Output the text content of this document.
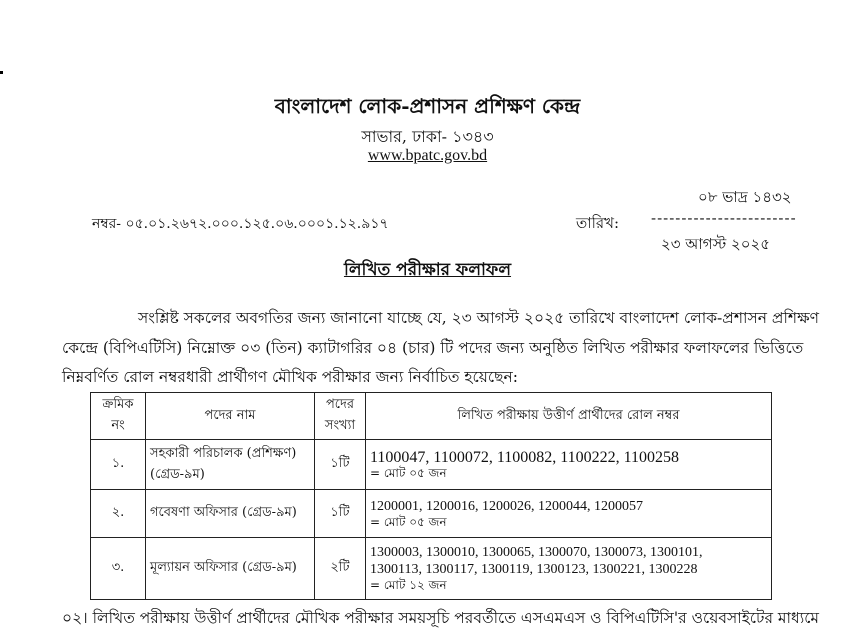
বাংলাদেশ লোক-প্রশাসন প্রশিক্ষণ কেন্দ্র
সাভার, ঢাকা- ১৩৪৩
www.bpatc.gov.bd
০৮ ভাদ্র ১৪৩২
নম্বর- ০৫.০১.২৬৭২.০০০.১২৫.০৬.০০০১.১২.৯১৭	তারিখ: ------------------------
২৩ আগস্ট ২০২৫
লিখিত পরীক্ষার ফলাফল
সংশ্লিষ্ট সকলের অবগতির জন্য জানানো যাচ্ছে যে, ২৩ আগস্ট ২০২৫ তারিখে বাংলাদেশ লোক-প্রশাসন প্রশিক্ষণ
কেন্দ্রে (বিপিএটিসি) নিম্নোক্ত ০৩ (তিন) ক্যাটাগরির ০৪ (চার) টি পদের জন্য অনুষ্ঠিত লিখিত পরীক্ষার ফলাফলের ভিত্তিতে
নিম্নবর্ণিত রোল নম্বরধারী প্রার্থীগণ মৌখিক পরীক্ষার জন্য নির্বাচিত হয়েছেন:
ক্রমিক নং	পদের নাম	পদের সংখ্যা	লিখিত পরীক্ষায় উত্তীর্ণ প্রার্থীদের রোল নম্বর
১.	সহকারী পরিচালক (প্রশিক্ষণ) (গ্রেড-৯ম)	১টি	1100047, 1100072, 1100082, 1100222, 1100258
= মোট ০৫ জন

২.	গবেষণা অফিসার (গ্রেড-৯ম)	১টি	1200001, 1200016, 1200026, 1200044, 1200057
= মোট ০৫ জন

৩.	মূল্যায়ন অফিসার (গ্রেড-৯ম)	২টি	1300003, 1300010, 1300065, 1300070, 1300073, 1300101,
1300113, 1300117, 1300119, 1300123, 1300221, 1300228
= মোট ১২ জন
০২। লিখিত পরীক্ষায় উত্তীর্ণ প্রার্থীদের মৌখিক পরীক্ষার সময়সূচি পরবর্তীতে এসএমএস ও বিপিএটিসি'র ওয়েবসাইটের মাধ্যমে
